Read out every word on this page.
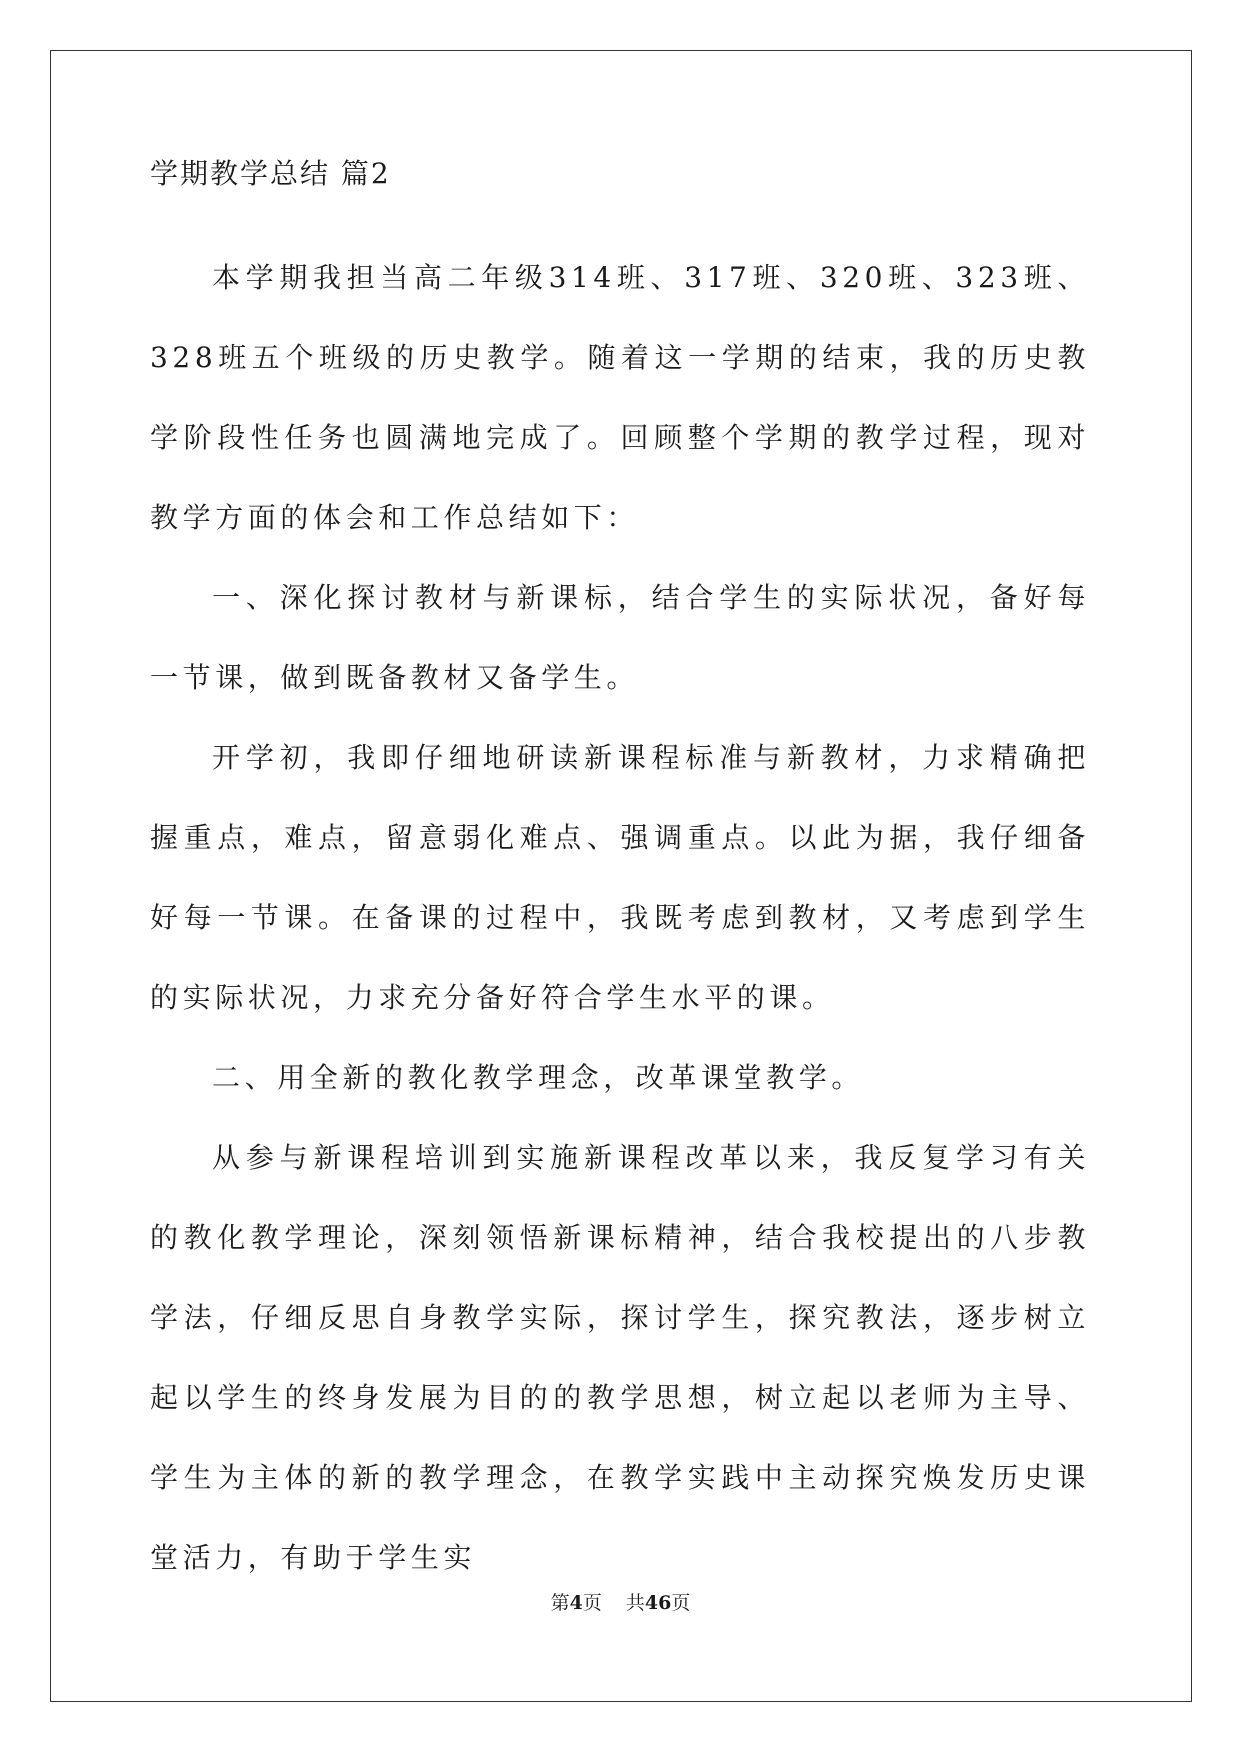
学期教学总结 篇2

本学期我担当高二年级314班、317班、320班、323班、328班五个班级的历史教学。随着这一学期的结束，我的历史教学阶段性任务也圆满地完成了。回顾整个学期的教学过程，现对教学方面的体会和工作总结如下：

一、深化探讨教材与新课标，结合学生的实际状况，备好每一节课，做到既备教材又备学生。

开学初，我即仔细地研读新课程标准与新教材，力求精确把握重点，难点，留意弱化难点、强调重点。以此为据，我仔细备好每一节课。在备课的过程中，我既考虑到教材，又考虑到学生的实际状况，力求充分备好符合学生水平的课。

二、用全新的教化教学理念，改革课堂教学。

从参与新课程培训到实施新课程改革以来，我反复学习有关的教化教学理论，深刻领悟新课标精神，结合我校提出的八步教学法，仔细反思自身教学实际，探讨学生，探究教法，逐步树立起以学生的终身发展为目的的教学思想，树立起以老师为主导、学生为主体的新的教学理念，在教学实践中主动探究焕发历史课堂活力，有助于学生实

第4页 共46页
